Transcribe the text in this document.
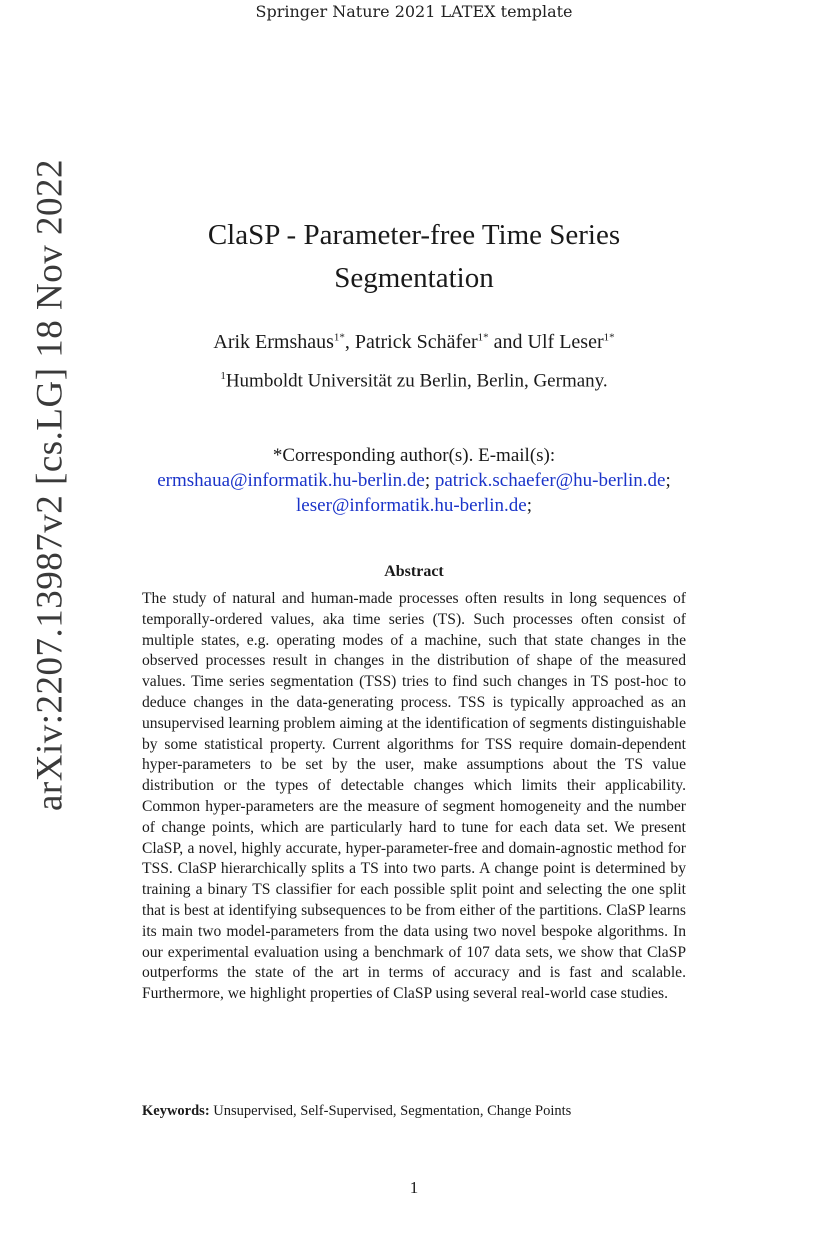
Springer Nature 2021 LATEX template
arXiv:2207.13987v2 [cs.LG] 18 Nov 2022	ClaSP - Parameter-free Time Series
Segmentation
Arik Ermshaus$^{1*}$, Patrick Schäfer$^{1*}$ and Ulf Leser$^{1*}$
$^1$Humboldt Universität zu Berlin, Berlin, Germany.
*Corresponding author(s). E-mail(s):
ermshaua@informatik.hu-berlin.de; patrick.schaefer@hu-berlin.de;
leser@informatik.hu-berlin.de;
Abstract
The study of natural and human-made processes often results in long sequences of temporally-ordered values, aka time series (TS). Such processes often consist of multiple states, e.g. operating modes of a machine, such that state changes in the observed processes result in changes in the distribution of shape of the measured values. Time series segmentation (TSS) tries to find such changes in TS post-hoc to deduce changes in the data-generating process. TSS is typically approached as an unsupervised learning problem aiming at the identification of segments distinguishable by some statistical property. Current algorithms for TSS require domain-dependent hyper-parameters to be set by the user, make assumptions about the TS value distribution or the types of detectable changes which limits their applicability. Common hyper-parameters are the measure of segment homogeneity and the number of change points, which are particularly hard to tune for each data set. We present ClaSP, a novel, highly accurate, hyper-parameter-free and domain-agnostic method for TSS. ClaSP hierarchically splits a TS into two parts. A change point is determined by training a binary TS classifier for each possible split point and selecting the one split that is best at identifying subsequences to be from either of the partitions. ClaSP learns its main two model-parameters from the data using two novel bespoke algorithms. In our experimental evaluation using a benchmark of 107 data sets, we show that ClaSP outperforms the state of the art in terms of accuracy and is fast and scalable. Furthermore, we highlight properties of ClaSP using several real-world case studies.
Keywords: Unsupervised, Self-Supervised, Segmentation, Change Points
1
